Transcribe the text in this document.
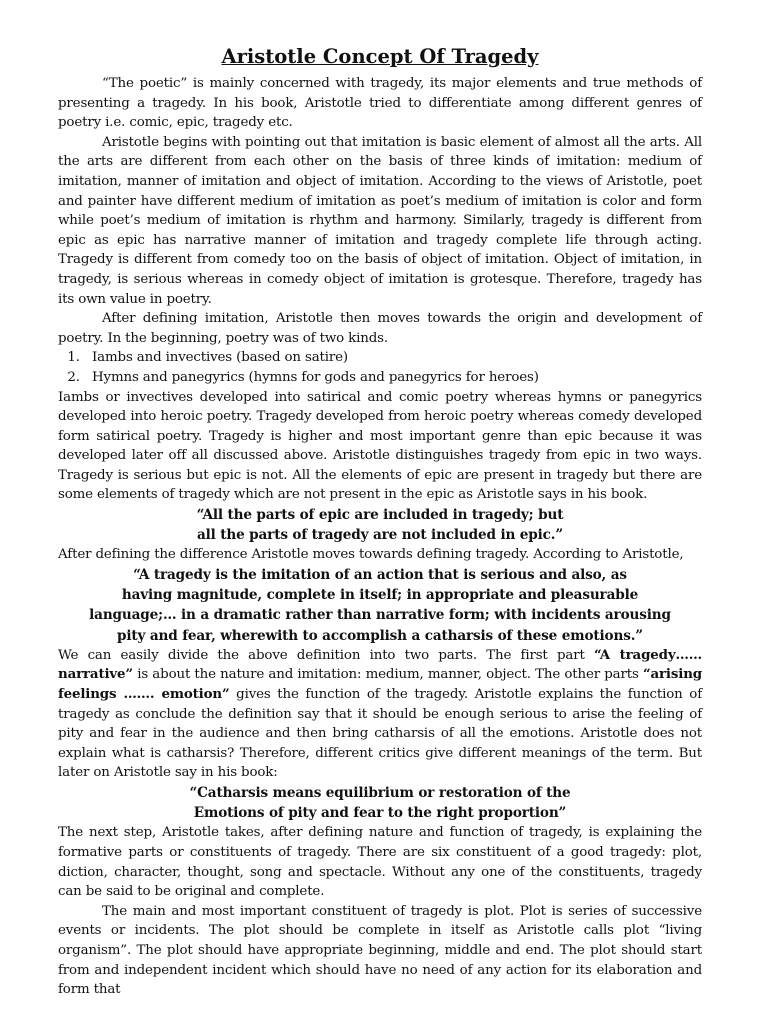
Aristotle Concept Of Tragedy

“The poetic” is mainly concerned with tragedy, its major elements and true methods of presenting a tragedy. In his book, Aristotle tried to differentiate among different genres of poetry i.e. comic, epic, tragedy etc.

Aristotle begins with pointing out that imitation is basic element of almost all the arts. All the arts are different from each other on the basis of three kinds of imitation: medium of imitation, manner of imitation and object of imitation. According to the views of Aristotle, poet and painter have different medium of imitation as poet’s medium of imitation is color and form while poet’s medium of imitation is rhythm and harmony. Similarly, tragedy is different from epic as epic has narrative manner of imitation and tragedy complete life through acting. Tragedy is different from comedy too on the basis of object of imitation. Object of imitation, in tragedy, is serious whereas in comedy object of imitation is grotesque. Therefore, tragedy has its own value in poetry.

After defining imitation, Aristotle then moves towards the origin and development of poetry. In the beginning, poetry was of two kinds.

1. Iambs and invectives (based on satire)
2. Hymns and panegyrics (hymns for gods and panegyrics for heroes)

Iambs or invectives developed into satirical and comic poetry whereas hymns or panegyrics developed into heroic poetry. Tragedy developed from heroic poetry whereas comedy developed form satirical poetry. Tragedy is higher and most important genre than epic because it was developed later off all discussed above. Aristotle distinguishes tragedy from epic in two ways. Tragedy is serious but epic is not. All the elements of epic are present in tragedy but there are some elements of tragedy which are not present in the epic as Aristotle says in his book.

“All the parts of epic are included in tragedy; but
all the parts of tragedy are not included in epic.”

After defining the difference Aristotle moves towards defining tragedy. According to Aristotle,

“A tragedy is the imitation of an action that is serious and also, as
having magnitude, complete in itself; in appropriate and pleasurable
language;… in a dramatic rather than narrative form; with incidents arousing
pity and fear, wherewith to accomplish a catharsis of these emotions.”

We can easily divide the above definition into two parts. The first part “A tragedy…… narrative” is about the nature and imitation: medium, manner, object. The other parts “arising feelings ……. emotion” gives the function of the tragedy. Aristotle explains the function of tragedy as conclude the definition say that it should be enough serious to arise the feeling of pity and fear in the audience and then bring catharsis of all the emotions. Aristotle does not explain what is catharsis? Therefore, different critics give different meanings of the term. But later on Aristotle say in his book:

“Catharsis means equilibrium or restoration of the
Emotions of pity and fear to the right proportion”

The next step, Aristotle takes, after defining nature and function of tragedy, is explaining the formative parts or constituents of tragedy. There are six constituent of a good tragedy: plot, diction, character, thought, song and spectacle. Without any one of the constituents, tragedy can be said to be original and complete.

The main and most important constituent of tragedy is plot. Plot is series of successive events or incidents. The plot should be complete in itself as Aristotle calls plot “living organism”. The plot should have appropriate beginning, middle and end. The plot should start from and independent incident which should have no need of any action for its elaboration and form that
